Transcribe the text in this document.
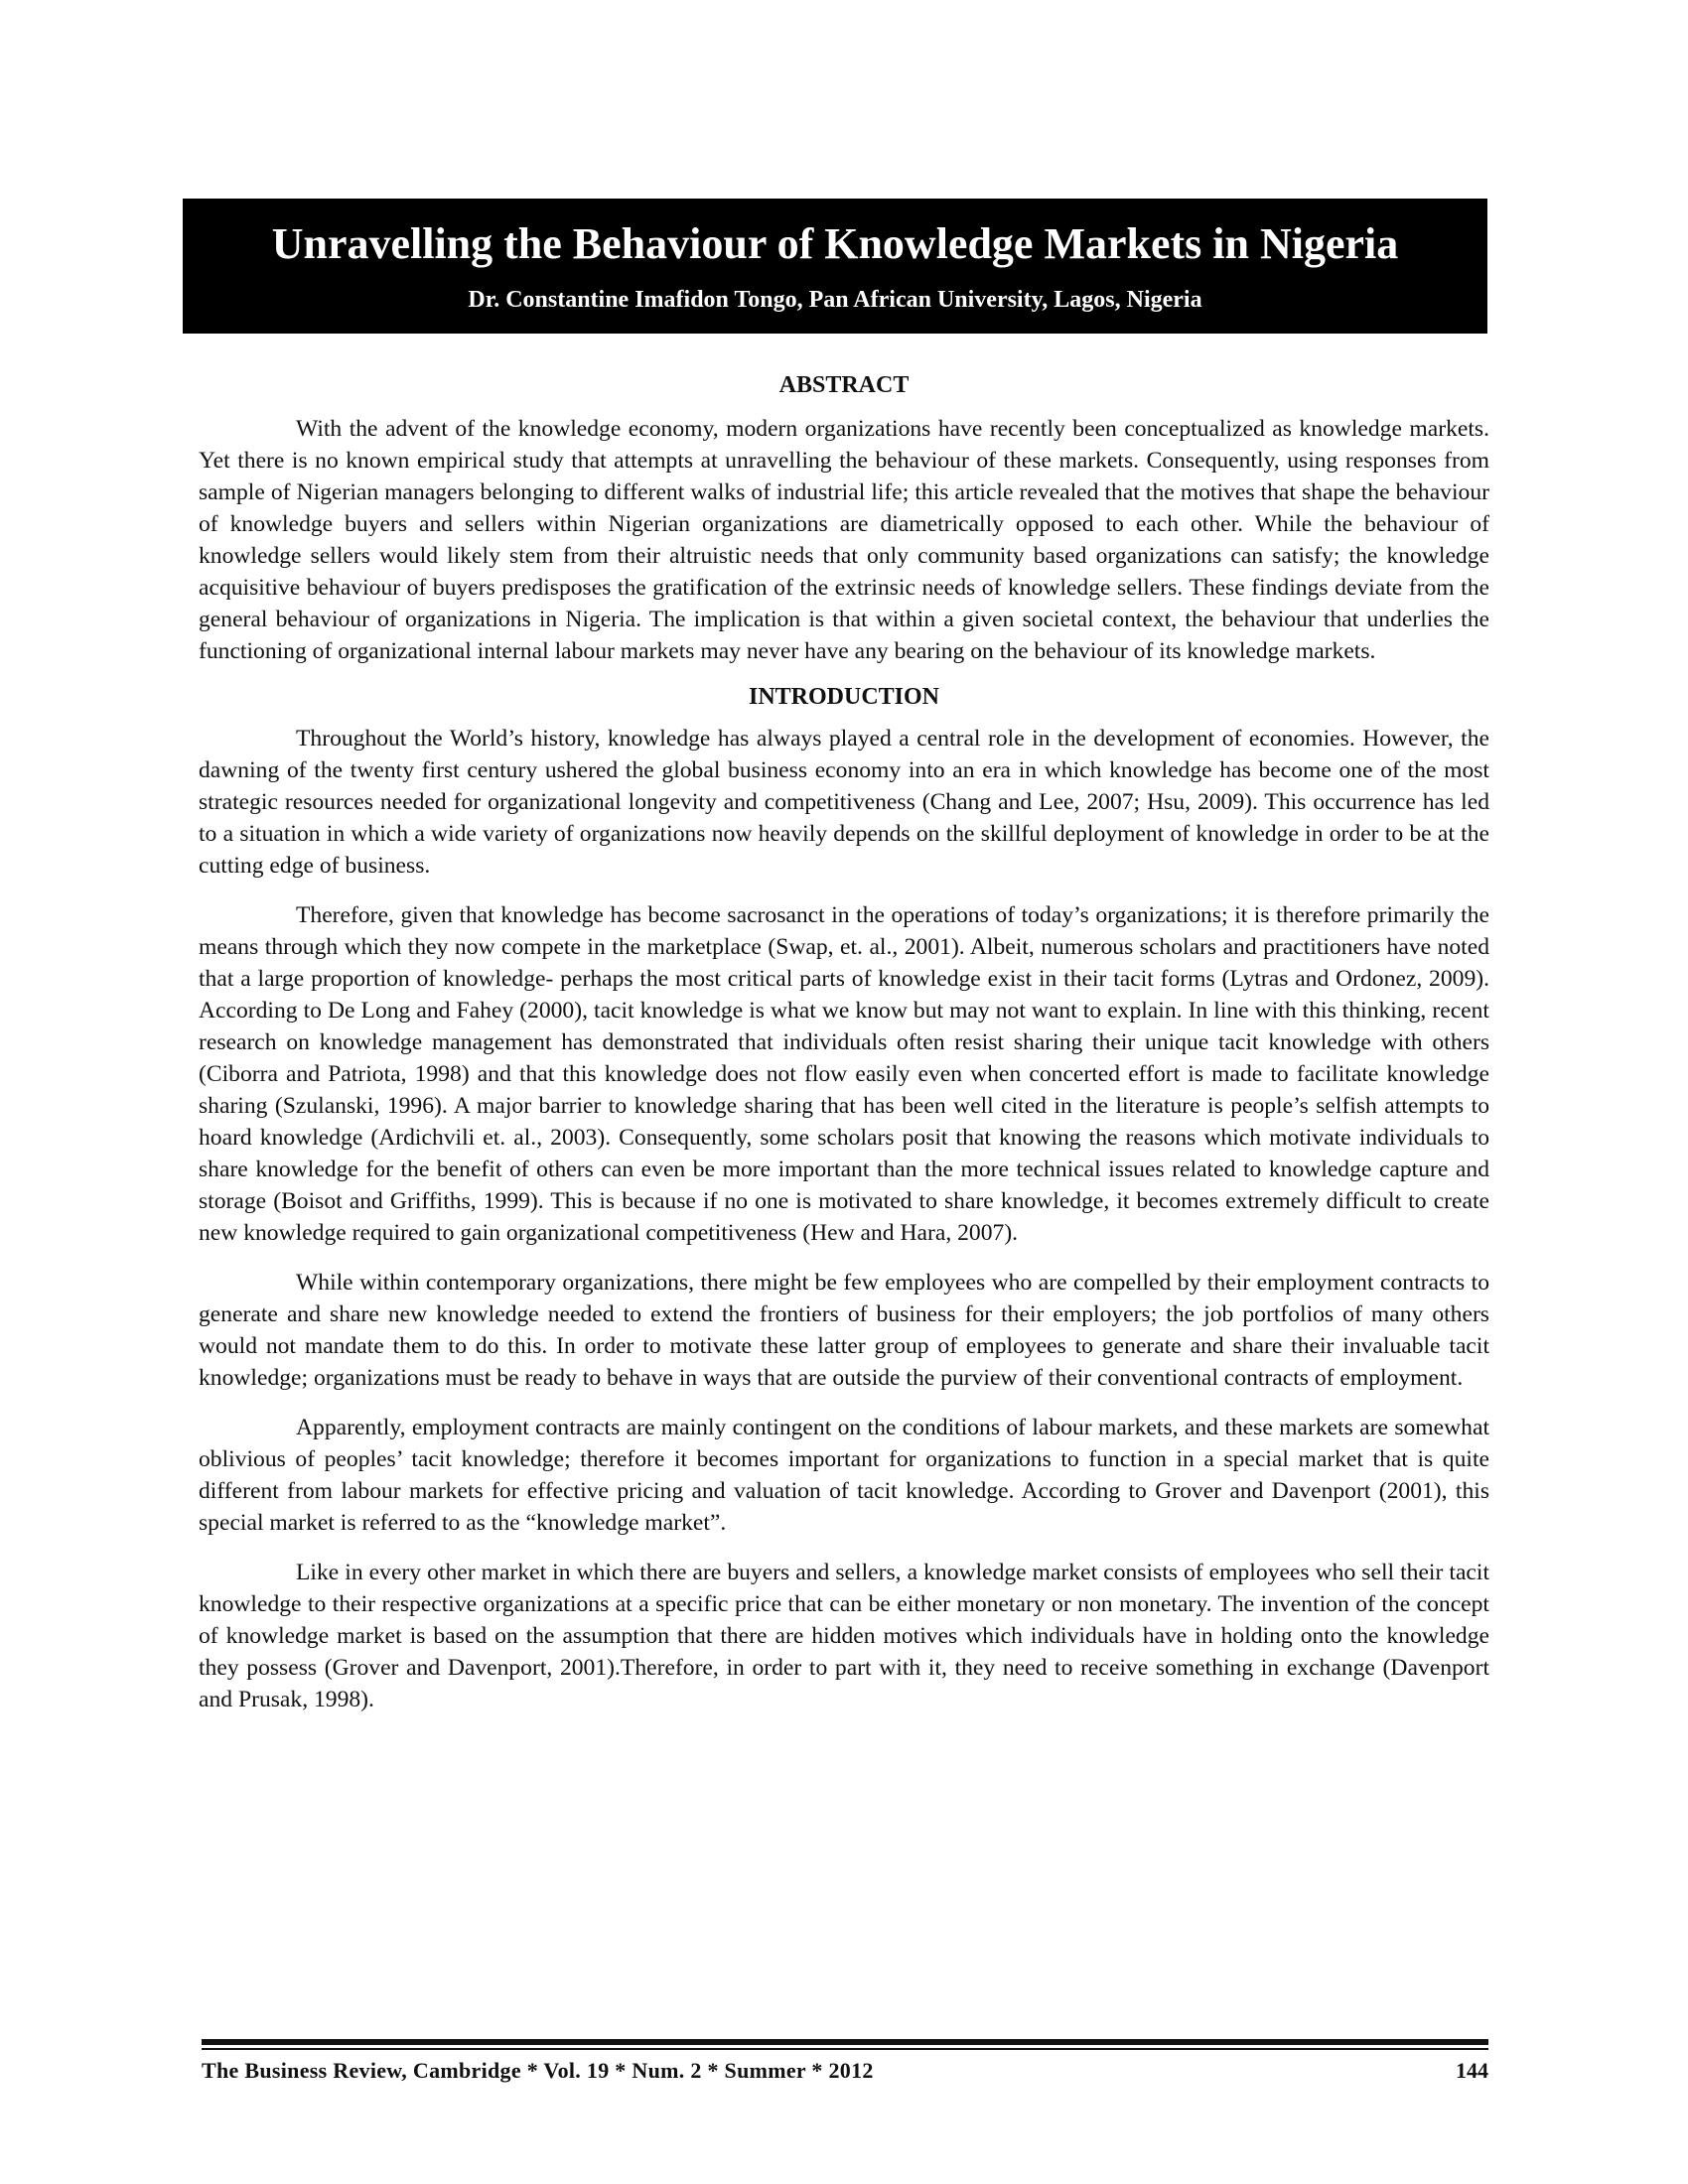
Unravelling the Behaviour of Knowledge Markets in Nigeria
Dr. Constantine Imafidon Tongo, Pan African University, Lagos, Nigeria
ABSTRACT

With the advent of the knowledge economy, modern organizations have recently been conceptualized as knowledge markets. Yet there is no known empirical study that attempts at unravelling the behaviour of these markets. Consequently, using responses from sample of Nigerian managers belonging to different walks of industrial life; this article revealed that the motives that shape the behaviour of knowledge buyers and sellers within Nigerian organizations are diametrically opposed to each other. While the behaviour of knowledge sellers would likely stem from their altruistic needs that only community based organizations can satisfy; the knowledge acquisitive behaviour of buyers predisposes the gratification of the extrinsic needs of knowledge sellers. These findings deviate from the general behaviour of organizations in Nigeria. The implication is that within a given societal context, the behaviour that underlies the functioning of organizational internal labour markets may never have any bearing on the behaviour of its knowledge markets.

INTRODUCTION

Throughout the World’s history, knowledge has always played a central role in the development of economies. However, the dawning of the twenty first century ushered the global business economy into an era in which knowledge has become one of the most strategic resources needed for organizational longevity and competitiveness (Chang and Lee, 2007; Hsu, 2009). This occurrence has led to a situation in which a wide variety of organizations now heavily depends on the skillful deployment of knowledge in order to be at the cutting edge of business.

Therefore, given that knowledge has become sacrosanct in the operations of today’s organizations; it is therefore primarily the means through which they now compete in the marketplace (Swap, et. al., 2001). Albeit, numerous scholars and practitioners have noted that a large proportion of knowledge- perhaps the most critical parts of knowledge exist in their tacit forms (Lytras and Ordonez, 2009). According to De Long and Fahey (2000), tacit knowledge is what we know but may not want to explain. In line with this thinking, recent research on knowledge management has demonstrated that individuals often resist sharing their unique tacit knowledge with others (Ciborra and Patriota, 1998) and that this knowledge does not flow easily even when concerted effort is made to facilitate knowledge sharing (Szulanski, 1996). A major barrier to knowledge sharing that has been well cited in the literature is people’s selfish attempts to hoard knowledge (Ardichvili et. al., 2003). Consequently, some scholars posit that knowing the reasons which motivate individuals to share knowledge for the benefit of others can even be more important than the more technical issues related to knowledge capture and storage (Boisot and Griffiths, 1999). This is because if no one is motivated to share knowledge, it becomes extremely difficult to create new knowledge required to gain organizational competitiveness (Hew and Hara, 2007).

While within contemporary organizations, there might be few employees who are compelled by their employment contracts to generate and share new knowledge needed to extend the frontiers of business for their employers; the job portfolios of many others would not mandate them to do this. In order to motivate these latter group of employees to generate and share their invaluable tacit knowledge; organizations must be ready to behave in ways that are outside the purview of their conventional contracts of employment.

Apparently, employment contracts are mainly contingent on the conditions of labour markets, and these markets are somewhat oblivious of peoples’ tacit knowledge; therefore it becomes important for organizations to function in a special market that is quite different from labour markets for effective pricing and valuation of tacit knowledge. According to Grover and Davenport (2001), this special market is referred to as the “knowledge market”.

Like in every other market in which there are buyers and sellers, a knowledge market consists of employees who sell their tacit knowledge to their respective organizations at a specific price that can be either monetary or non monetary. The invention of the concept of knowledge market is based on the assumption that there are hidden motives which individuals have in holding onto the knowledge they possess (Grover and Davenport, 2001).Therefore, in order to part with it, they need to receive something in exchange (Davenport and Prusak, 1998).

The Business Review, Cambridge * Vol. 19 * Num. 2 * Summer * 2012	144
